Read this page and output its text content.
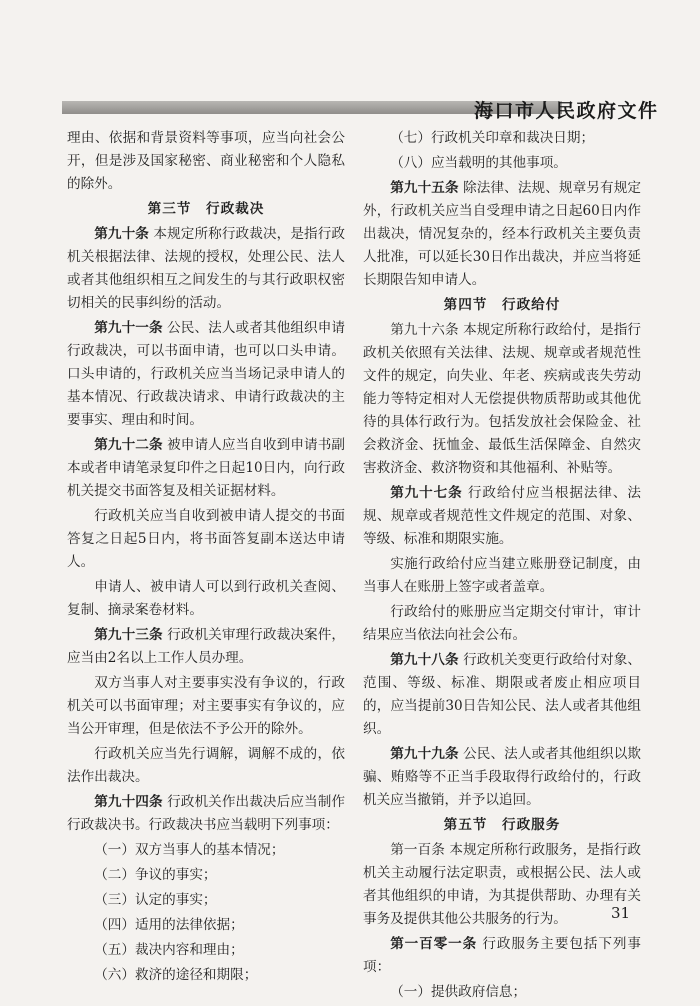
海口市人民政府文件

理由、依据和背景资料等事项，应当向社会公开，但是涉及国家秘密、商业秘密和个人隐私的除外。

第三节　行政裁决

第九十条 本规定所称行政裁决，是指行政机关根据法律、法规的授权，处理公民、法人或者其他组织相互之间发生的与其行政职权密切相关的民事纠纷的活动。

第九十一条 公民、法人或者其他组织申请行政裁决，可以书面申请，也可以口头申请。口头申请的，行政机关应当当场记录申请人的基本情况、行政裁决请求、申请行政裁决的主要事实、理由和时间。

第九十二条 被申请人应当自收到申请书副本或者申请笔录复印件之日起10日内，向行政机关提交书面答复及相关证据材料。

行政机关应当自收到被申请人提交的书面答复之日起5日内，将书面答复副本送达申请人。

申请人、被申请人可以到行政机关查阅、复制、摘录案卷材料。

第九十三条 行政机关审理行政裁决案件，应当由2名以上工作人员办理。

双方当事人对主要事实没有争议的，行政机关可以书面审理；对主要事实有争议的，应当公开审理，但是依法不予公开的除外。

行政机关应当先行调解，调解不成的，依法作出裁决。

第九十四条 行政机关作出裁决后应当制作行政裁决书。行政裁决书应当载明下列事项：

（一）双方当事人的基本情况；

（二）争议的事实；

（三）认定的事实；

（四）适用的法律依据；

（五）裁决内容和理由；

（六）救济的途径和期限；

（七）行政机关印章和裁决日期；

（八）应当载明的其他事项。

第九十五条 除法律、法规、规章另有规定外，行政机关应当自受理申请之日起60日内作出裁决，情况复杂的，经本行政机关主要负责人批准，可以延长30日作出裁决，并应当将延长期限告知申请人。

第四节　行政给付

第九十六条 本规定所称行政给付，是指行政机关依照有关法律、法规、规章或者规范性文件的规定，向失业、年老、疾病或丧失劳动能力等特定相对人无偿提供物质帮助或其他优待的具体行政行为。包括发放社会保险金、社会救济金、抚恤金、最低生活保障金、自然灾害救济金、救济物资和其他福利、补贴等。

第九十七条 行政给付应当根据法律、法规、规章或者规范性文件规定的范围、对象、等级、标准和期限实施。

实施行政给付应当建立账册登记制度，由当事人在账册上签字或者盖章。

行政给付的账册应当定期交付审计，审计结果应当依法向社会公布。

第九十八条 行政机关变更行政给付对象、范围、等级、标准、期限或者废止相应项目的，应当提前30日告知公民、法人或者其他组织。

第九十九条 公民、法人或者其他组织以欺骗、贿赂等不正当手段取得行政给付的，行政机关应当撤销，并予以追回。

第五节　行政服务

第一百条 本规定所称行政服务，是指行政机关主动履行法定职责，或根据公民、法人或者其他组织的申请，为其提供帮助、办理有关事务及提供其他公共服务的行为。

第一百零一条 行政服务主要包括下列事项：

（一）提供政府信息；

31
